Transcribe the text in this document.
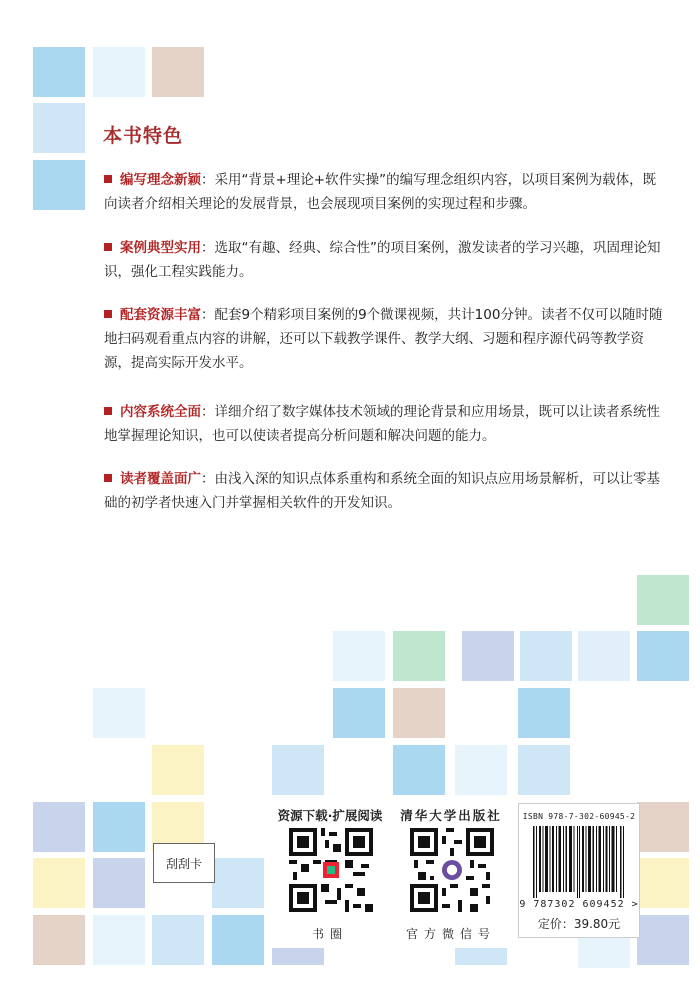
本书特色
编写理念新颖：采用“背景+理论+软件实操”的编写理念组织内容，以项目案例为载体，既向读者介绍相关理论的发展背景，也会展现项目案例的实现过程和步骤。
案例典型实用：选取“有趣、经典、综合性”的项目案例，激发读者的学习兴趣，巩固理论知识，强化工程实践能力。
配套资源丰富：配套9个精彩项目案例的9个微课视频，共计100分钟。读者不仅可以随时随地扫码观看重点内容的讲解，还可以下载教学课件、教学大纲、习题和程序源代码等教学资源，提高实际开发水平。
内容系统全面：详细介绍了数字媒体技术领域的理论背景和应用场景，既可以让读者系统性地掌握理论知识，也可以使读者提高分析问题和解决问题的能力。
读者覆盖面广：由浅入深的知识点体系重构和系统全面的知识点应用场景解析，可以让零基础的初学者快速入门并掌握相关软件的开发知识。
刮刮卡
资源下载·扩展阅读
书圈
清华大学出版社
官方微信号
ISBN 978-7-302-60945-2
9 787302 609452 >
定价：39.80元
